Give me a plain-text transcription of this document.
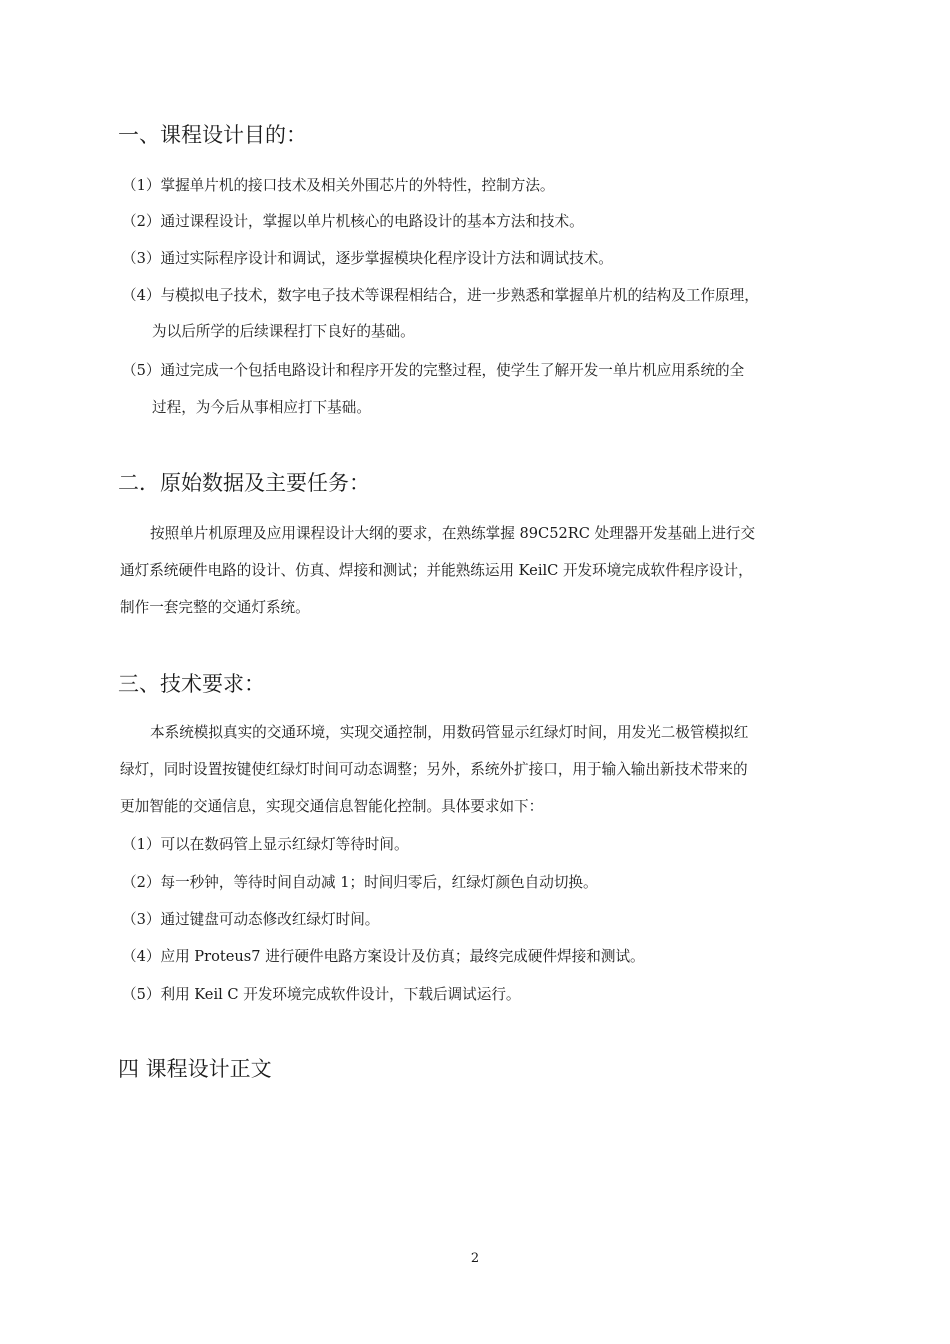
一、课程设计目的：
（1）掌握单片机的接口技术及相关外围芯片的外特性，控制方法。
（2）通过课程设计，掌握以单片机核心的电路设计的基本方法和技术。
（3）通过实际程序设计和调试，逐步掌握模块化程序设计方法和调试技术。
（4）与模拟电子技术，数字电子技术等课程相结合，进一步熟悉和掌握单片机的结构及工作原理，
为以后所学的后续课程打下良好的基础。
（5）通过完成一个包括电路设计和程序开发的完整过程，使学生了解开发一单片机应用系统的全
过程，为今后从事相应打下基础。
二．原始数据及主要任务：
按照单片机原理及应用课程设计大纲的要求，在熟练掌握 89C52RC 处理器开发基础上进行交
通灯系统硬件电路的设计、仿真、焊接和测试；并能熟练运用 KeilC 开发环境完成软件程序设计，
制作一套完整的交通灯系统。
三、技术要求：
本系统模拟真实的交通环境，实现交通控制，用数码管显示红绿灯时间，用发光二极管模拟红
绿灯，同时设置按键使红绿灯时间可动态调整；另外，系统外扩接口，用于输入输出新技术带来的
更加智能的交通信息，实现交通信息智能化控制。具体要求如下：
（1）可以在数码管上显示红绿灯等待时间。
（2）每一秒钟，等待时间自动减 1；时间归零后，红绿灯颜色自动切换。
（3）通过键盘可动态修改红绿灯时间。
（4）应用 Proteus7 进行硬件电路方案设计及仿真；最终完成硬件焊接和测试。
（5）利用 Keil C 开发环境完成软件设计，下载后调试运行。
四 课程设计正文
2
